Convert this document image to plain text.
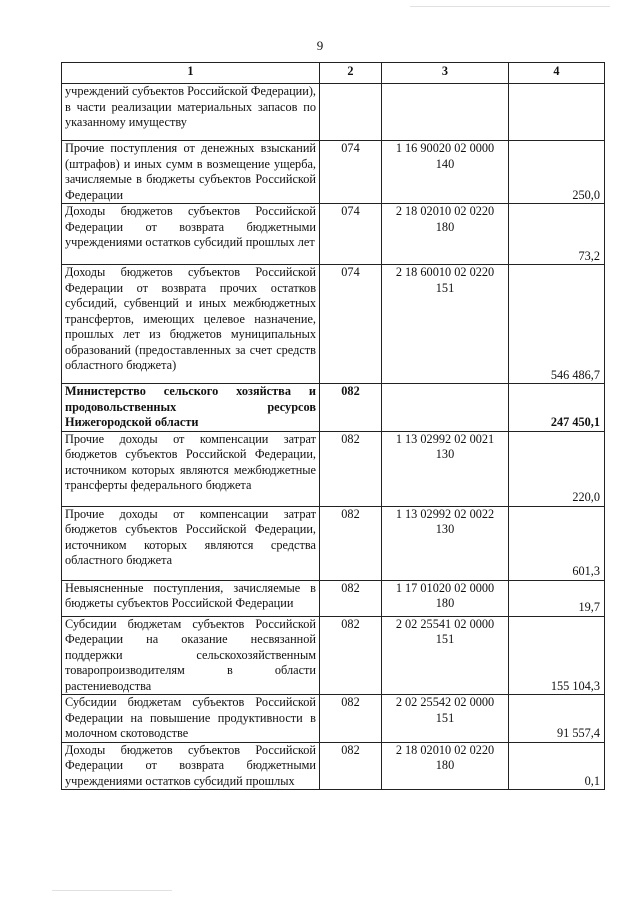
9
1	2	3	4
учреждений субъектов Российской Федерации), в части реализации материальных запасов по указанному имуществу			
Прочие поступления от денежных взысканий (штрафов) и иных сумм в возмещение ущерба, зачисляемые в бюджеты субъектов Российской Федерации	074	1 16 90020 02 0000 140	250,0
Доходы бюджетов субъектов Российской Федерации от возврата бюджетными учреждениями остатков субсидий прошлых лет	074	2 18 02010 02 0220 180	73,2
Доходы бюджетов субъектов Российской Федерации от возврата прочих остатков субсидий, субвенций и иных межбюджетных трансфертов, имеющих целевое назначение, прошлых лет из бюджетов муниципальных образований (предоставленных за счет средств областного бюджета)	074	2 18 60010 02 0220 151	546 486,7
Министерство сельского хозяйства и продовольственных ресурсов Нижегородской области	082		247 450,1
Прочие доходы от компенсации затрат бюджетов субъектов Российской Федерации, источником которых являются межбюджетные трансферты федерального бюджета	082	1 13 02992 02 0021 130	220,0
Прочие доходы от компенсации затрат бюджетов субъектов Российской Федерации, источником которых являются средства областного бюджета	082	1 13 02992 02 0022 130	601,3
Невыясненные поступления, зачисляемые в бюджеты субъектов Российской Федерации	082	1 17 01020 02 0000 180	19,7
Субсидии бюджетам субъектов Российской Федерации на оказание несвязанной поддержки сельскохозяйственным товаропроизводителям в области растениеводства	082	2 02 25541 02 0000 151	155 104,3
Субсидии бюджетам субъектов Российской Федерации на повышение продуктивности в молочном скотоводстве	082	2 02 25542 02 0000 151	91 557,4
Доходы бюджетов субъектов Российской Федерации от возврата бюджетными учреждениями остатков субсидий прошлых	082	2 18 02010 02 0220 180	0,1
